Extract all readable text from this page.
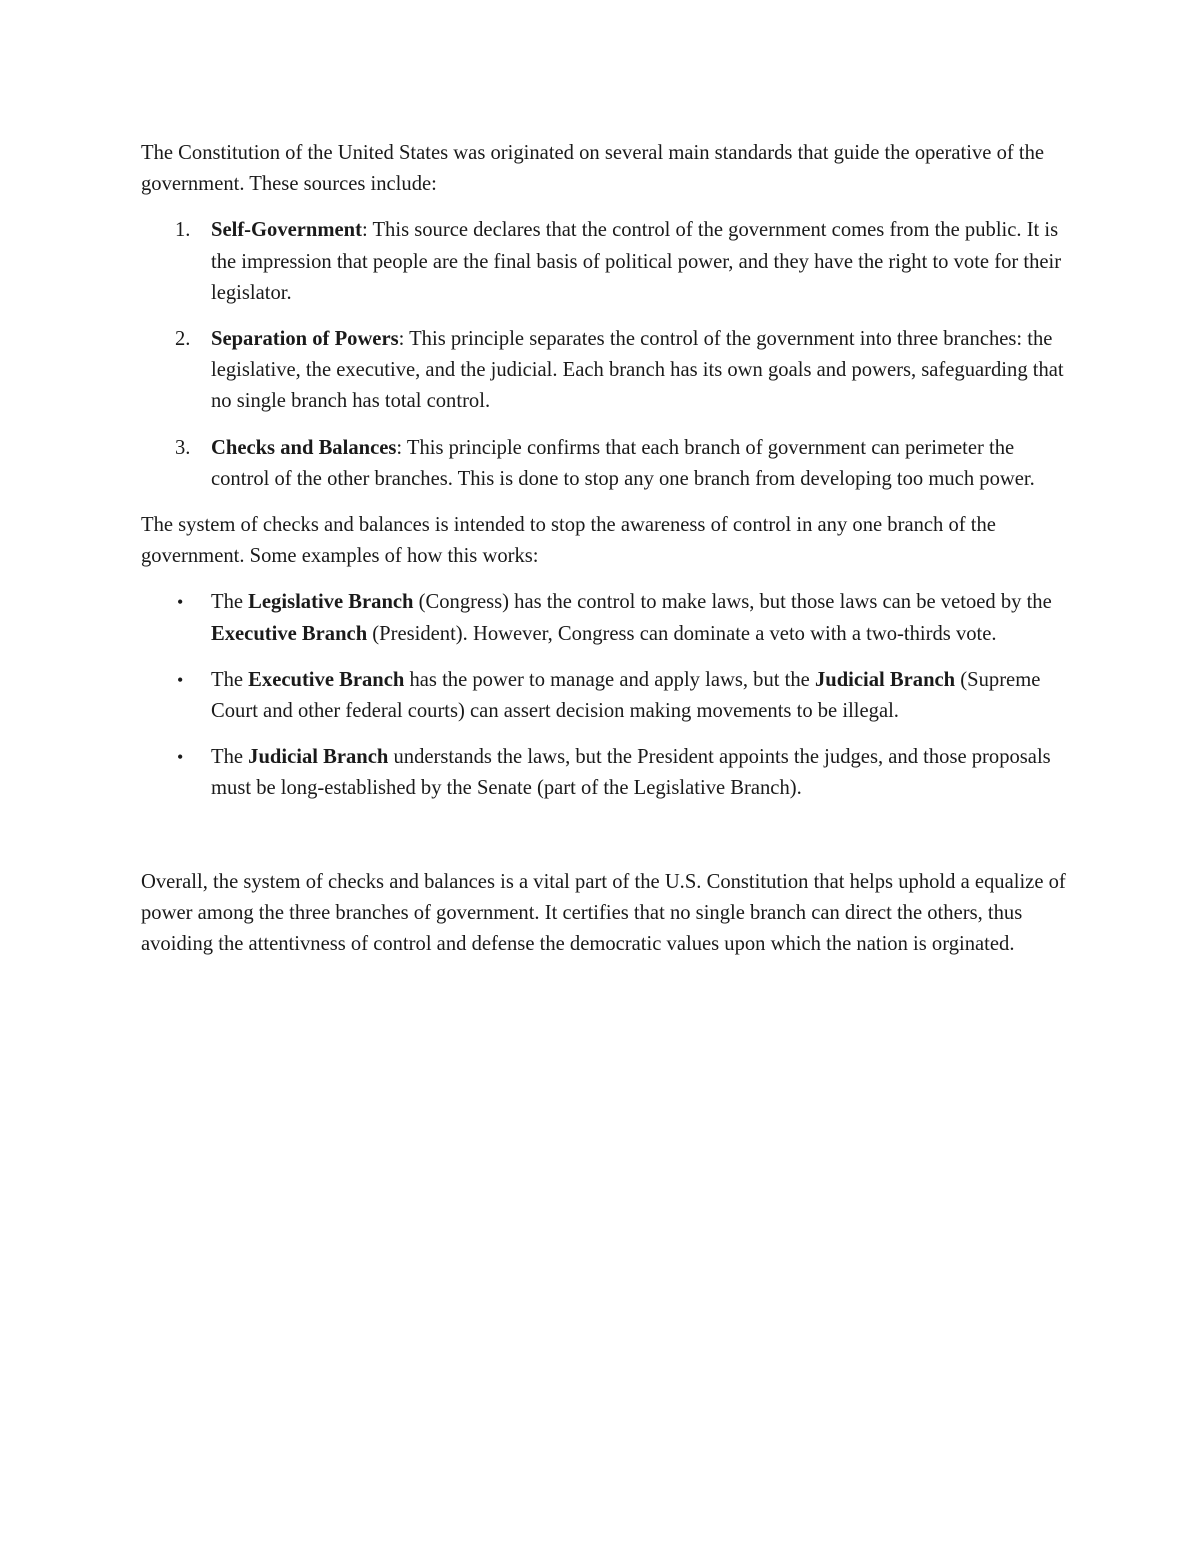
The Constitution of the United States was originated on several main standards that guide the operative of the government. These sources include:

1. Self-Government: This source declares that the control of the government comes from the public. It is the impression that people are the final basis of political power, and they have the right to vote for their legislator.
2. Separation of Powers: This principle separates the control of the government into three branches: the legislative, the executive, and the judicial. Each branch has its own goals and powers, safeguarding that no single branch has total control.
3. Checks and Balances: This principle confirms that each branch of government can perimeter the control of the other branches. This is done to stop any one branch from developing too much power.

The system of checks and balances is intended to stop the awareness of control in any one branch of the government. Some examples of how this works:

• The Legislative Branch (Congress) has the control to make laws, but those laws can be vetoed by the Executive Branch (President). However, Congress can dominate a veto with a two-thirds vote.
• The Executive Branch has the power to manage and apply laws, but the Judicial Branch (Supreme Court and other federal courts) can assert decision making movements to be illegal.
• The Judicial Branch understands the laws, but the President appoints the judges, and those proposals must be long-established by the Senate (part of the Legislative Branch).

Overall, the system of checks and balances is a vital part of the U.S. Constitution that helps uphold a equalize of power among the three branches of government. It certifies that no single branch can direct the others, thus avoiding the attentivness of control and defense the democratic values upon which the nation is orginated.
